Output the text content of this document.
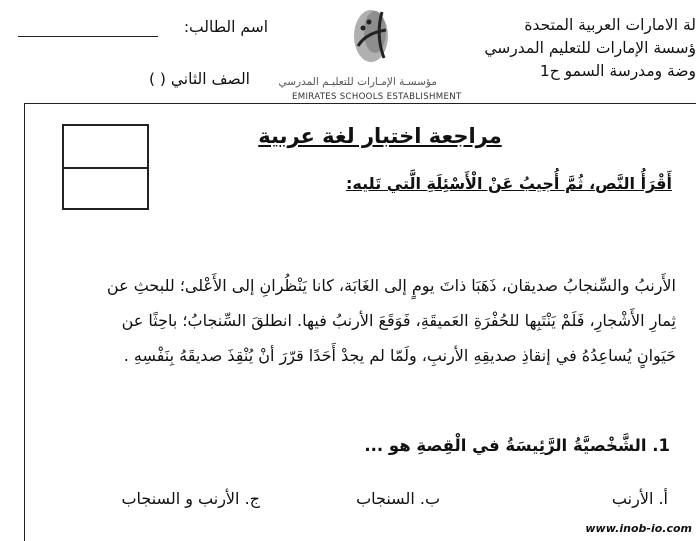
لة الامارات العربية المتحدة
ؤسسة الإمارات للتعليم المدرسي
وضة ومدرسة السمو ح1
اسم الطالب:
الصف الثاني ( )	مؤسسـة الإمـارات للتعليـم المدرسي
EMIRATES SCHOOLS ESTABLISHMENT
مراجعة اختبار لغة عربية
أَقْرَأُ النَّص، ثُمَّ أُجيبُ عَنْ الْأَسْئِلَةِ الَّتي تَليه:
الأَرنبُ والسِّنجابُ صديقان، ذَهَبَا ذاتَ يومٍ إلى الغَابَة، كانا يَنْظُرانِ إلى الأَعْلى؛ للبحثِ عن
ثِمارِ الأَشْجارِ، فَلَمْ يَنْتَبِها للحُفْرَةِ العَميقَةِ، فَوَقَعَ الأرنبُ فيها. انطلقَ السِّنجابُ؛ باحِثًا عن
حَيَوانٍ يُساعِدُهُ في إنقاذِ صديقِهِ الأرنبِ، ولَمّا لم يجدْ أَحَدًا قرّرَ أنْ يُنْقِذَ صديقَهُ بِنَفْسِهِ .
1. الشَّخْصيَّةُ الرَّئِيسَةُ في الْقِصةِ هو ...
أ. الأرنب
ب. السنجاب
ج. الأرنب و السنجاب
www.inob-io.com
